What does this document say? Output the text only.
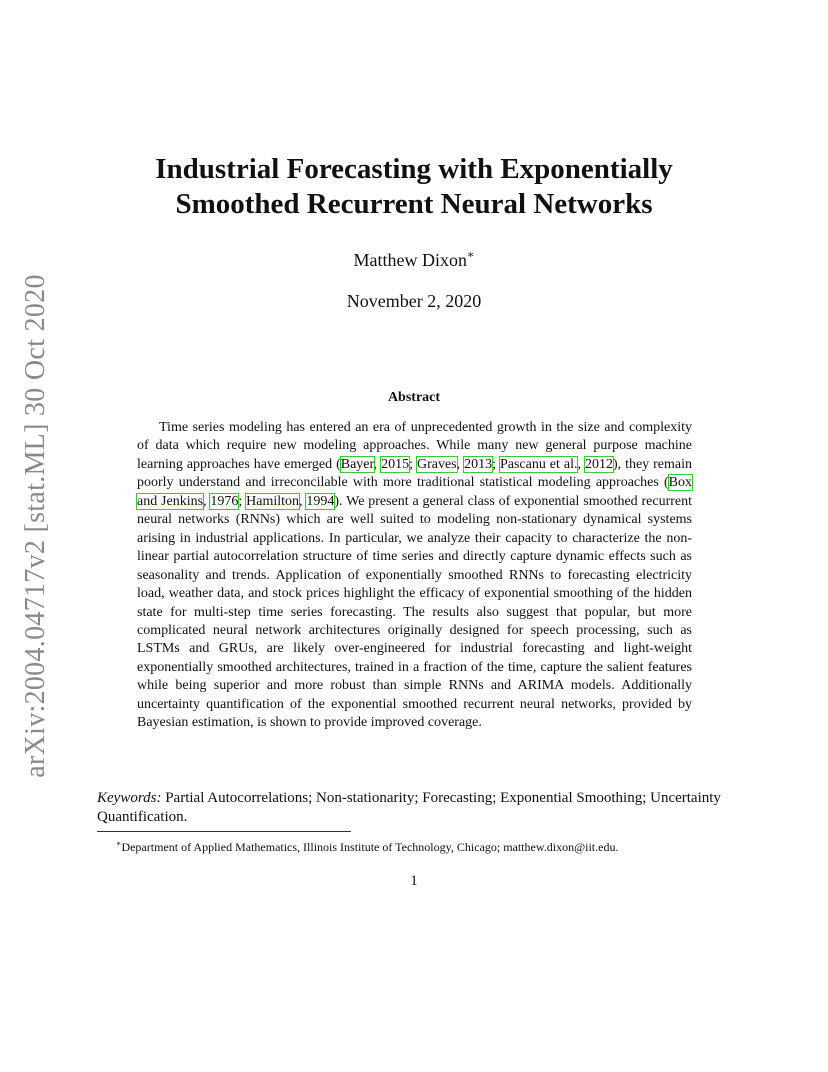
arXiv:2004.04717v2 [stat.ML] 30 Oct 2020
Industrial Forecasting with Exponentially
Smoothed Recurrent Neural Networks
Matthew Dixon∗
November 2, 2020
Abstract

Time series modeling has entered an era of unprecedented growth in the size and complexity of data which require new modeling approaches. While many new general purpose machine learning approaches have emerged (Bayer, 2015; Graves, 2013; Pascanu et al., 2012), they remain poorly understand and irreconcilable with more traditional statistical modeling approaches (Box and Jenkins, 1976; Hamilton, 1994). We present a general class of exponential smoothed recurrent neural networks (RNNs) which are well suited to modeling non-stationary dynamical systems arising in industrial applications. In particular, we analyze their capacity to characterize the non-linear partial autocorrelation structure of time series and directly capture dynamic effects such as seasonality and trends. Application of exponentially smoothed RNNs to forecasting electricity load, weather data, and stock prices highlight the efficacy of exponential smoothing of the hidden state for multi-step time series forecasting. The results also suggest that popular, but more complicated neural network architectures originally designed for speech processing, such as LSTMs and GRUs, are likely over-engineered for industrial forecasting and light-weight exponentially smoothed architectures, trained in a fraction of the time, capture the salient features while being superior and more robust than simple RNNs and ARIMA models. Additionally uncertainty quantification of the exponential smoothed recurrent neural networks, provided by Bayesian estimation, is shown to provide improved coverage.

Keywords: Partial Autocorrelations; Non-stationarity; Forecasting; Exponential Smoothing; Uncertainty Quantification.

∗Department of Applied Mathematics, Illinois Institute of Technology, Chicago; matthew.dixon@iit.edu.

1
